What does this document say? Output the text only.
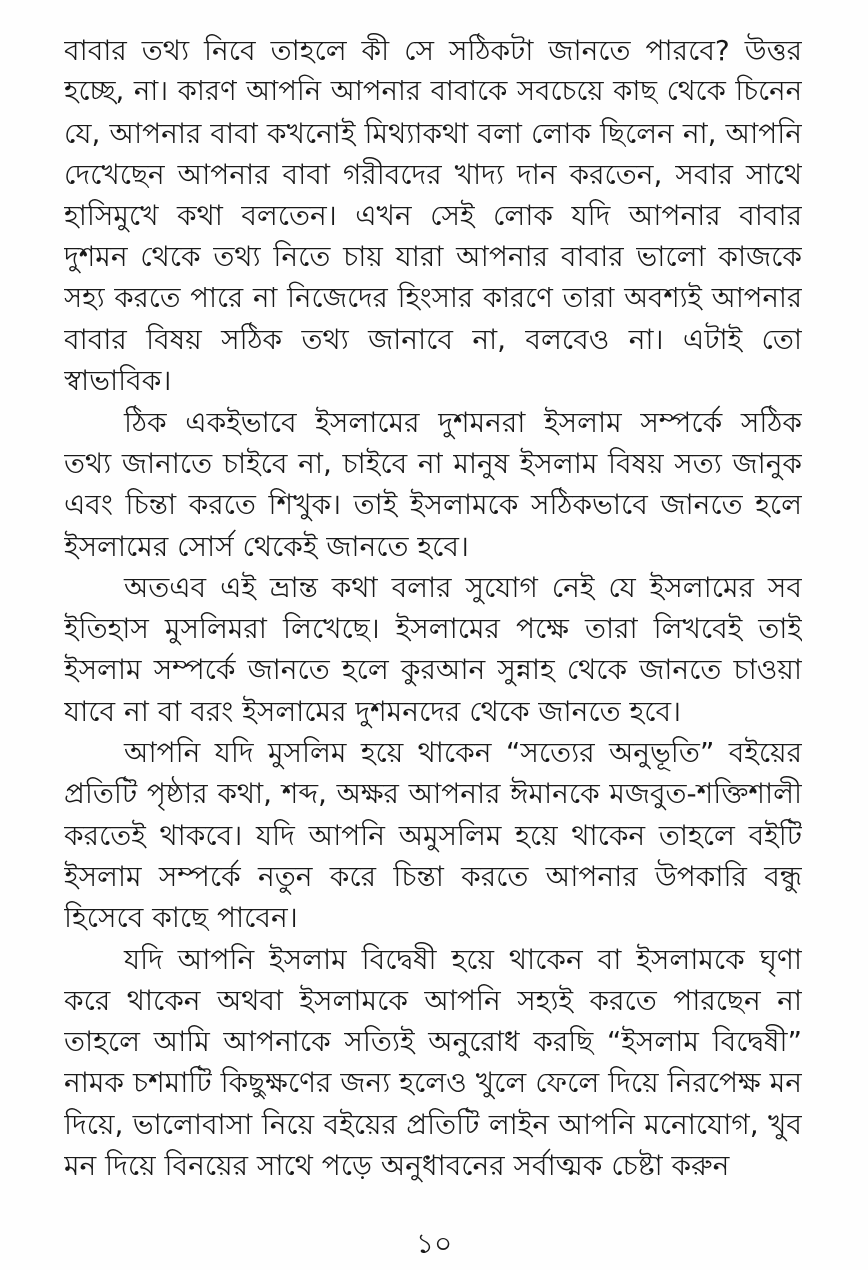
বাবার তথ্য নিবে তাহলে কী সে সঠিকটা জানতে পারবে? উত্তর
হচ্ছে, না। কারণ আপনি আপনার বাবাকে সবচেয়ে কাছ থেকে চিনেন
যে, আপনার বাবা কখনোই মিথ্যাকথা বলা লোক ছিলেন না, আপনি
দেখেছেন আপনার বাবা গরীবদের খাদ্য দান করতেন, সবার সাথে
হাসিমুখে কথা বলতেন। এখন সেই লোক যদি আপনার বাবার
দুশমন থেকে তথ্য নিতে চায় যারা আপনার বাবার ভালো কাজকে
সহ্য করতে পারে না নিজেদের হিংসার কারণে তারা অবশ্যই আপনার
বাবার বিষয় সঠিক তথ্য জানাবে না, বলবেও না। এটাই তো
স্বাভাবিক।
ঠিক একইভাবে ইসলামের দুশমনরা ইসলাম সম্পর্কে সঠিক
তথ্য জানাতে চাইবে না, চাইবে না মানুষ ইসলাম বিষয় সত্য জানুক
এবং চিন্তা করতে শিখুক। তাই ইসলামকে সঠিকভাবে জানতে হলে
ইসলামের সোর্স থেকেই জানতে হবে।
অতএব এই ভ্রান্ত কথা বলার সুযোগ নেই যে ইসলামের সব
ইতিহাস মুসলিমরা লিখেছে। ইসলামের পক্ষে তারা লিখবেই তাই
ইসলাম সম্পর্কে জানতে হলে কুরআন সুন্নাহ থেকে জানতে চাওয়া
যাবে না বা বরং ইসলামের দুশমনদের থেকে জানতে হবে।
আপনি যদি মুসলিম হয়ে থাকেন “সত্যের অনুভূতি” বইয়ের
প্রতিটি পৃষ্ঠার কথা, শব্দ, অক্ষর আপনার ঈমানকে মজবুত-শক্তিশালী
করতেই থাকবে। যদি আপনি অমুসলিম হয়ে থাকেন তাহলে বইটি
ইসলাম সম্পর্কে নতুন করে চিন্তা করতে আপনার উপকারি বন্ধু
হিসেবে কাছে পাবেন।
যদি আপনি ইসলাম বিদ্বেষী হয়ে থাকেন বা ইসলামকে ঘৃণা
করে থাকেন অথবা ইসলামকে আপনি সহ্যই করতে পারছেন না
তাহলে আমি আপনাকে সত্যিই অনুরোধ করছি “ইসলাম বিদ্বেষী”
নামক চশমাটি কিছুক্ষণের জন্য হলেও খুলে ফেলে দিয়ে নিরপেক্ষ মন
দিয়ে, ভালোবাসা নিয়ে বইয়ের প্রতিটি লাইন আপনি মনোযোগ, খুব
মন দিয়ে বিনয়ের সাথে পড়ে অনুধাবনের সর্বাত্মক চেষ্টা করুন
১০
